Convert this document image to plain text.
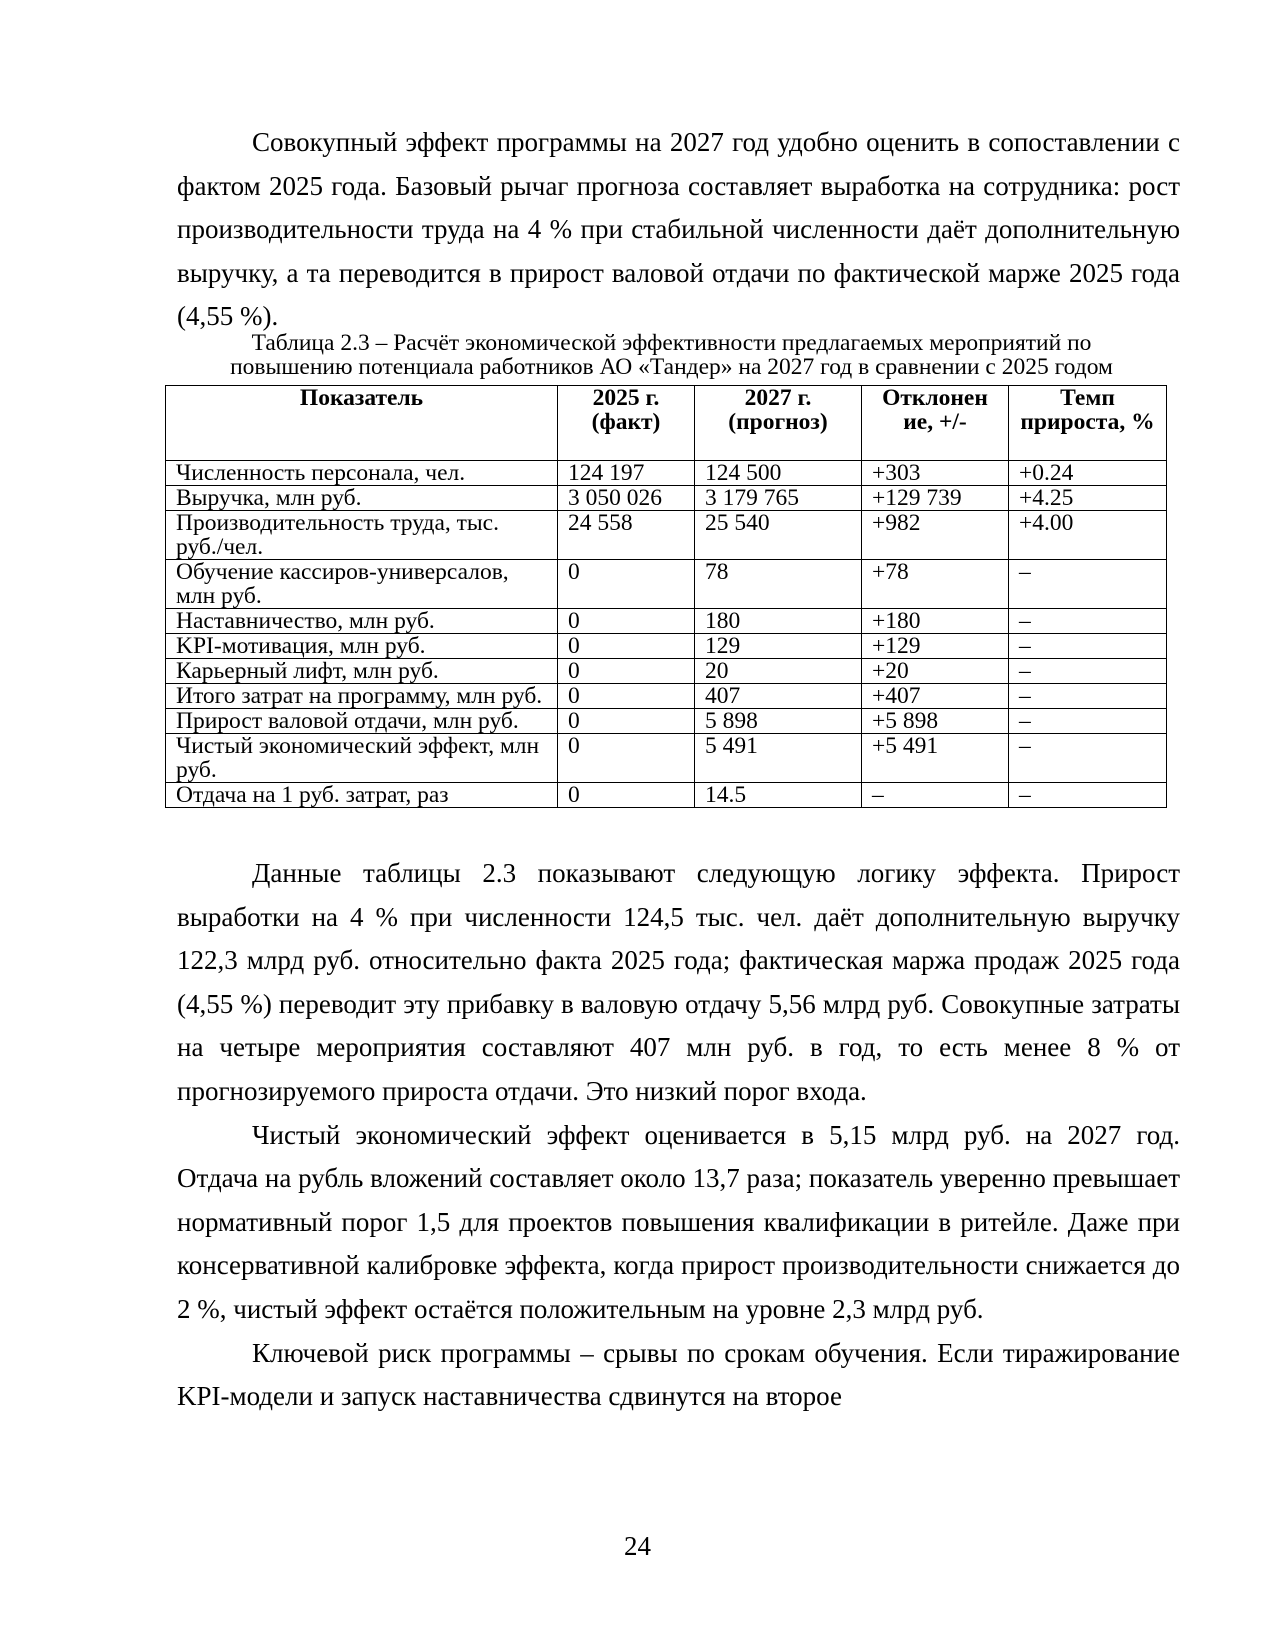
Совокупный эффект программы на 2027 год удобно оценить в сопоставлении с фактом 2025 года. Базовый рычаг прогноза составляет выработка на сотрудника: рост производительности труда на 4 % при стабильной численности даёт дополнительную выручку, а та переводится в прирост валовой отдачи по фактической марже 2025 года (4,55 %).

Таблица 2.3 – Расчёт экономической эффективности предлагаемых мероприятий по
повышению потенциала работников АО «Тандер» на 2027 год в сравнении с 2025 годом
Показатель	2025 г. (факт)	2027 г. (прогноз)	Отклонен ие, +/-	Темп прироста, %
Численность персонала, чел.	124 197	124 500	+303	+0.24
Выручка, млн руб.	3 050 026	3 179 765	+129 739	+4.25
Производительность труда, тыс. руб./чел.	24 558	25 540	+982	+4.00
Обучение кассиров-универсалов, млн руб.	0	78	+78	–
Наставничество, млн руб.	0	180	+180	–
KPI-мотивация, млн руб.	0	129	+129	–
Карьерный лифт, млн руб.	0	20	+20	–
Итого затрат на программу, млн руб.	0	407	+407	–
Прирост валовой отдачи, млн руб.	0	5 898	+5 898	–
Чистый экономический эффект, млн руб.	0	5 491	+5 491	–
Отдача на 1 руб. затрат, раз	0	14.5	–	–

Данные таблицы 2.3 показывают следующую логику эффекта. Прирост выработки на 4 % при численности 124,5 тыс. чел. даёт дополнительную выручку 122,3 млрд руб. относительно факта 2025 года; фактическая маржа продаж 2025 года (4,55 %) переводит эту прибавку в валовую отдачу 5,56 млрд руб. Совокупные затраты на четыре мероприятия составляют 407 млн руб. в год, то есть менее 8 % от прогнозируемого прироста отдачи. Это низкий порог входа.

Чистый экономический эффект оценивается в 5,15 млрд руб. на 2027 год. Отдача на рубль вложений составляет около 13,7 раза; показатель уверенно превышает нормативный порог 1,5 для проектов повышения квалификации в ритейле. Даже при консервативной калибровке эффекта, когда прирост производительности снижается до 2 %, чистый эффект остаётся положительным на уровне 2,3 млрд руб.

Ключевой риск программы – срывы по срокам обучения. Если тиражирование KPI-модели и запуск наставничества сдвинутся на второе

24
